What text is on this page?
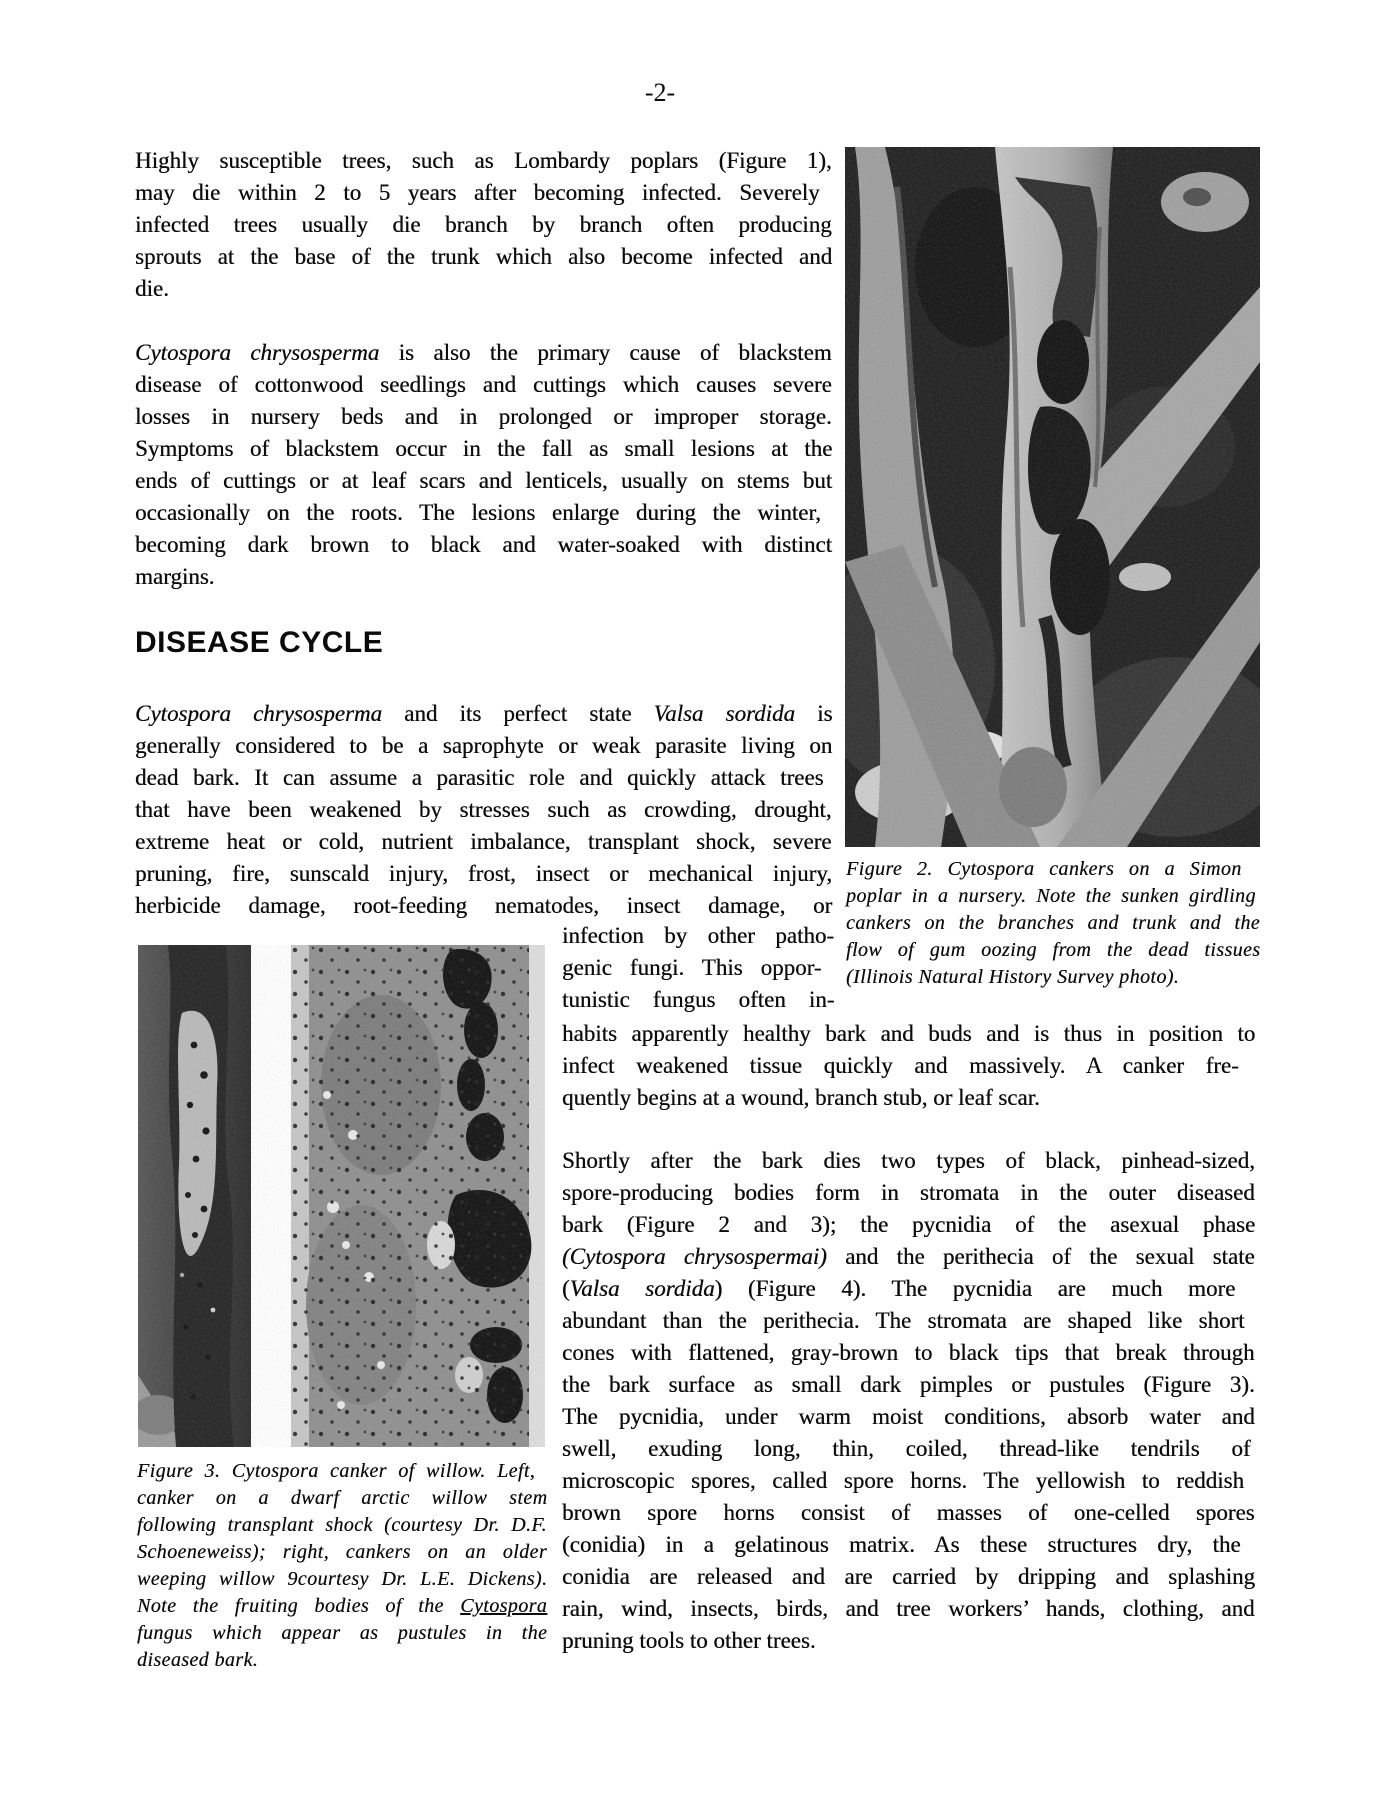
-2-
Highly susceptible trees, such as Lombardy poplars (Figure 1),
may die within 2 to 5 years after becoming infected. Severely
infected trees usually die branch by branch often producing
sprouts at the base of the trunk which also become infected and
die.
Cytospora chrysosperma is also the primary cause of blackstem
disease of cottonwood seedlings and cuttings which causes severe
losses in nursery beds and in prolonged or improper storage.
Symptoms of blackstem occur in the fall as small lesions at the
ends of cuttings or at leaf scars and lenticels, usually on stems but
occasionally on the roots. The lesions enlarge during the winter,
becoming dark brown to black and water-soaked with distinct
margins.
DISEASE CYCLE
Cytospora chrysosperma and its perfect state Valsa sordida is
generally considered to be a saprophyte or weak parasite living on
dead bark. It can assume a parasitic role and quickly attack trees
that have been weakened by stresses such as crowding, drought,
extreme heat or cold, nutrient imbalance, transplant shock, severe
pruning, fire, sunscald injury, frost, insect or mechanical injury,
herbicide damage, root-feeding nematodes, insect damage, or
infection by other patho-
genic fungi. This oppor-
tunistic fungus often in-
habits apparently healthy bark and buds and is thus in position to
infect weakened tissue quickly and massively. A canker fre-
quently begins at a wound, branch stub, or leaf scar.
Shortly after the bark dies two types of black, pinhead-sized,
spore-producing bodies form in stromata in the outer diseased
bark (Figure 2 and 3); the pycnidia of the asexual phase
(Cytospora chrysospermai) and the perithecia of the sexual state
(Valsa sordida) (Figure 4). The pycnidia are much more
abundant than the perithecia. The stromata are shaped like short
cones with flattened, gray-brown to black tips that break through
the bark surface as small dark pimples or pustules (Figure 3).
The pycnidia, under warm moist conditions, absorb water and
swell, exuding long, thin, coiled, thread-like tendrils of
microscopic spores, called spore horns. The yellowish to reddish
brown spore horns consist of masses of one-celled spores
(conidia) in a gelatinous matrix. As these structures dry, the
conidia are released and are carried by dripping and splashing
rain, wind, insects, birds, and tree workers’ hands, clothing, and
pruning tools to other trees.
Figure 2. Cytospora cankers on a Simon
poplar in a nursery. Note the sunken girdling
cankers on the branches and trunk and the
flow of gum oozing from the dead tissues
(Illinois Natural History Survey photo).
Figure 3. Cytospora canker of willow. Left,
canker on a dwarf arctic willow stem
following transplant shock (courtesy Dr. D.F.
Schoeneweiss); right, cankers on an older
weeping willow 9courtesy Dr. L.E. Dickens).
Note the fruiting bodies of the Cytospora
fungus which appear as pustules in the
diseased bark.
